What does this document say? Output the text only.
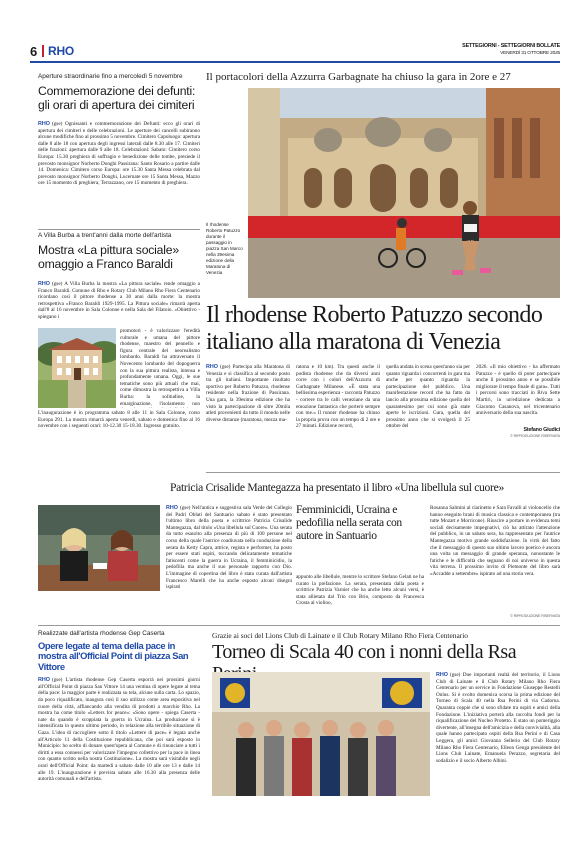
6 RHO	SETTEGIORNI - SETTEGIORNI BOLLATE
VENERDÌ 31 OTTOBRE 2025
Aperture straordinarie fino a mercoledì 5 novembre
Commemorazione dei defunti: gli orari di apertura dei cimiteri
RHO (gse) Ognissanti e commemorazione dei Defunti: ecco gli orari di apertura dei cimiteri e delle celebrazioni. Le aperture dei cancelli subiranno alcune modifiche fino al prossimo 5 novembre. Cimitero Capoluogo: apertura dalle 8 alle 18 con apertura degli ingressi laterali dalle 8.30 alle 17. Cimiteri delle frazioni: apertura dalle 9 alle 18. Celebrazioni: Sabato: Cimitero corso Europa: 15.30 preghiera di suffragio e benedizione delle tombe, presiede il prevosto monsignor Norberto Donghi Passirana: Santo Rosario a partire dalle 14. Domenica: Cimitero corso Europa: ore 15.30 Santa Messa celebrata dal prevosto monsignor Norberto Donghi, Lucernate ore 15 Santa Messa, Mazzo ore 15 momento di preghiera, Terrazzano, ore 15 momento di preghiera.
A Villa Burba a trent'anni dalla morte dell'artista
Mostra «La pittura sociale» omaggio a Franco Baraldi
RHO (gse) A Villa Burba la mostra «La pittura sociale» rende omaggio a Franco Baraldi. Comune di Rho e Rotary Club Milano Rho Fiera Centenario ricordano così il pittore rhodense a 30 anni dalla morte: la mostra retrospettiva «Franco Baraldi 1929-1995. La Pittura sociale» rimarrà aperta dall'8 al 16 novembre in Sala Colonne e nella Sala del Filatoio. «Obiettivo - spiegano i
promotori - è valorizzare l'eredità culturale e umana del pittore rhodense, maestro del pennello e figura centrale del neorealismo lombardo. Baraldi ha attraversato il Novecento lombardo del dopoguerra con la sua pittura realista, intensa e profondamente umana. Oggi, le sue tematiche sono più attuali che mai, come dimostra la retrospettiva a Villa Burba: la solitudine, la emarginazione, l'isolamento non
L'inaugurazione è in programma sabato 8 alle 11 in Sala Colonne, corso Europa 291. La mostra rimarrà aperta venerdì, sabato e domenica fino al 16 novembre con i seguenti orari: 10-12.30 15-18.30. Ingresso gratuito.
Il portacolori della Azzurra Garbagnate ha chiuso la gara in 2ore e 27
Il rhodense Roberto Patuzzo durante il passaggio in piazza San Marco nella 39esima edizione della Maratona di Venezia
Il rhodense Roberto Patuzzo secondo italiano alla maratona di Venezia
RHO (gse) Partecipa alla Maratona di Venezia e si classifica al secondo posto tra gli italiani. Importante risultato sportivo per Roberto Patuzzo, rhodense residente nella frazione di Passirana. Una gara, la 39esima edizione che ha visto la partecipazione di oltre 20mila atleti provenienti da tutto il mondo nelle diverse distanze (maratona, mezza ma-
ratona e 10 km). Tra questi anche il podista rhodense che da diversi anni corre con i colori dell'Azzurra di Garbagnate Milanese. «È stata una bellissima esperienza - racconta Patuzzo - correre tra le calli veneziane da una emozione fantastica che porterò sempre con me.» Il runner rhodense ha chiuso la propria prova con un tempo di 2 ore e 27 minuti. Edizione record,
quella andata in scena quest'anno sia per quanto riguarda i concorrenti in gara ma anche per quanto riguarda la partecipazione del pubblico. Una manifestazione record che ha fatto da lancio alla prossima edizione quella del quarantesimo per cui sono già state aperte le iscrizioni. Gara, quella del prossimo anno che si svolgerà il 25 ottobre del
2026. «Il mio obiettivo - ha affermato Patuzzo - è quello di poter partecipare anche il prossimo anno e se possibile migliorare il tempo finale di gara». Tutti i percorsi sono tracciati in Riva Sette Martiri, in un'edizione dedicata a Giacomo Casanova, nel tricentenario anniversario della sua nascita.
Stefano Giudici
© RIPRODUZIONE RISERVATA
Patricia Crisalide Mantegazza ha presentato il libro «Una libellula sul cuore»
RHO (gse) Nell'antica e suggestiva sala Verde del Collegio dei Padri Oblati del Santuario sabato è stato presentato l'ultimo libro della poeta e scrittrice Patricia Crisalide Mantegazza, dal titolo «Una libellula sul Cuore». Una serata da tutto esaurito alla presenza di più di 100 persone nel corso della quale l'autrice coadiuvata nella conduzione della serata da Ketty Capra, attrice, regista e performer, ha posto per essere stati ospiti, toccando delicatamente tematiche fatiscenti come la guerra in Ucraina, il femminicidio, la pedofilia ma anche il suo personale rapporto con Dio. L'immagine di copertina del libro è stata curata dall'artista Francesco Marelli che ha anche esposto alcuni disegni ispirati
Femminicidi, Ucraina e pedofilia nella serata con autore in Santuario
appunto alle libellule, mentre lo scrittore Stefano Gelati ne ha curato la prefazione. La serata, presentata dalla poeta e scrittrice Patrizia Varnier che ha anche letto alcuni versi, è stata allietata dal Trio con Brio, composto da Francesca Crosta al violino,
Rosanna Salmini al clarinetto e Sara Favalli al violoncello che hanno eseguito brani di musica classica e contemporanea (tra tutte Mozart e Morricone). Riuscire a portare in evidenza temi sociali decisamente impegnativi, ciò ha attirato l'attenzione del pubblico, in un sabato sera, ha rappresentato per l'autrice Mantegazza motivo grande soddisfazione. In virtù del fatto che il messaggio di questo suo ultimo lavoro poetico è ancora una volta un messaggio di grande speranza, nonostante le fatiche e le difficoltà che segnano di noi universo in questa vita terrena. Il prossimo invito di Piemonte del libro sarà «Accadde a settembre» ispirato ad una storia vera.
© RIPRODUZIONE RISERVATA
Realizzate dall'artista rhodense Gep Caserta
Opere legate al tema della pace in mostra all'Official Point di piazza San Vittore
RHO (gse) L'artista rhodense Gep Caserta esporrà nei prossimi giorni all'Official Point di piazza San Vittore 14 una ventina di opere legate al tema della pace: la maggior parte è realizzata su tela, alcune sulla carta. Lo spazio, da poco riqualificato, inaugura così il suo utilizzo come area espositiva nel cuore della città, affiancando alla vendita di prodotti a marchio Rho. La mostra ha come titolo «Letters for peace»: «Sono opere - spiega Caserta - nate da quando è scoppiata la guerra in Ucraina. La produzione si è intensificata in questo ultimo periodo, in relazione alla terribile situazione di Gaza. L'idea di raccogliere sotto il titolo «Lettere di pace» è legata anche all'Articolo 11 della Costituzione repubblicana, che poi sarà esposto in Municipio: ho scelto di donare quest'opera al Comune e di rinunciare a tutti i diritti a essa connessi per valorizzare l'impegno collettivo per la pace in linea con quanto scritto nella nostra Costituzione». La mostra sarà visitabile negli orari dell'Official Point: da martedì a sabato dalle 10 alle ore 13 e dalle 14 alle 19. L'inaugurazione è prevista sabato alle 16.30 alla presenza delle autorità comunali e dell'artista.
Grazie ai soci del Lions Club di Lainate e il Club Rotary Milano Rho Fiera Centenario
Torneo di Scala 40 con i nonni della Rsa
RHO (gse) Due importanti realtà del territorio, il Lions Club di Lainate e il Club Rotary Milano Rho Fiera Centenario per un service in Fondazione Giuseppe Restelli Onlus. Si è svolto domenica scorsa la prima edizione del Torneo di Scala 40 nella Rsa Perini di via Cadorna. Quaranta coppie che si sono sfidate tra ospiti e amici della Fondazione. L'iniziativa porterà alla raccolta fondi per la riqualificazione del Nucleo Protetto. E stato un pomeriggio divertente, all'insegna dell'amicizia e della convivialità, alla quale hanno partecipato ospiti della Rsa Perini e di Casa Leggera, gli amici Giovanna Sellerio del Club Rotary Milano Rho Fiera Centenario, Elleon Genga presidente del Lions Club Lainate, Emanuela Perazzo, segretaria del sodalizio e il socio Alberto Albini.
